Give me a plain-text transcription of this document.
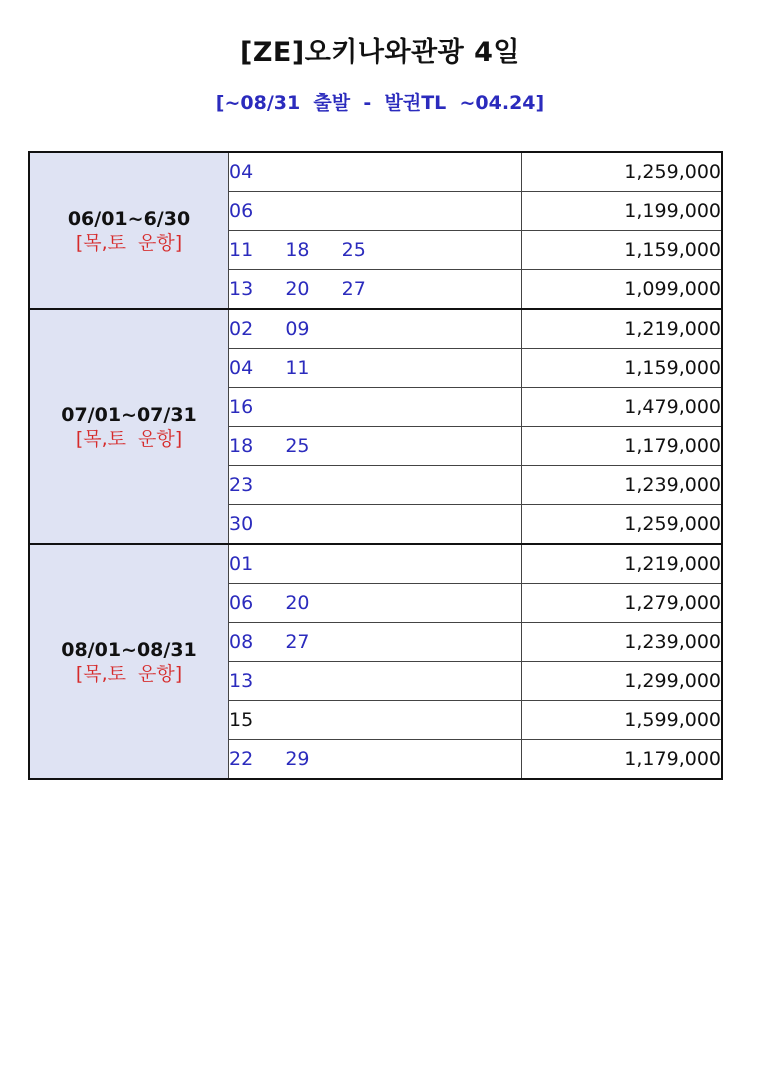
[ZE]오키나와관광 4일
[~08/31  출발  -  발권TL  ~04.24]
06/01~6/30
[목,토  운항]	04	1,259,000
	06	1,199,000
	11    18    25	1,159,000
	13    20    27	1,099,000

07/01~07/31
[목,토  운항]	02    09	1,219,000
	04    11	1,159,000
	16	1,479,000
	18    25	1,179,000
	23	1,239,000
	30	1,259,000

08/01~08/31
[목,토  운항]	01	1,219,000
	06    20	1,279,000
	08    27	1,239,000
	13	1,299,000
	15	1,599,000
	22    29	1,179,000
